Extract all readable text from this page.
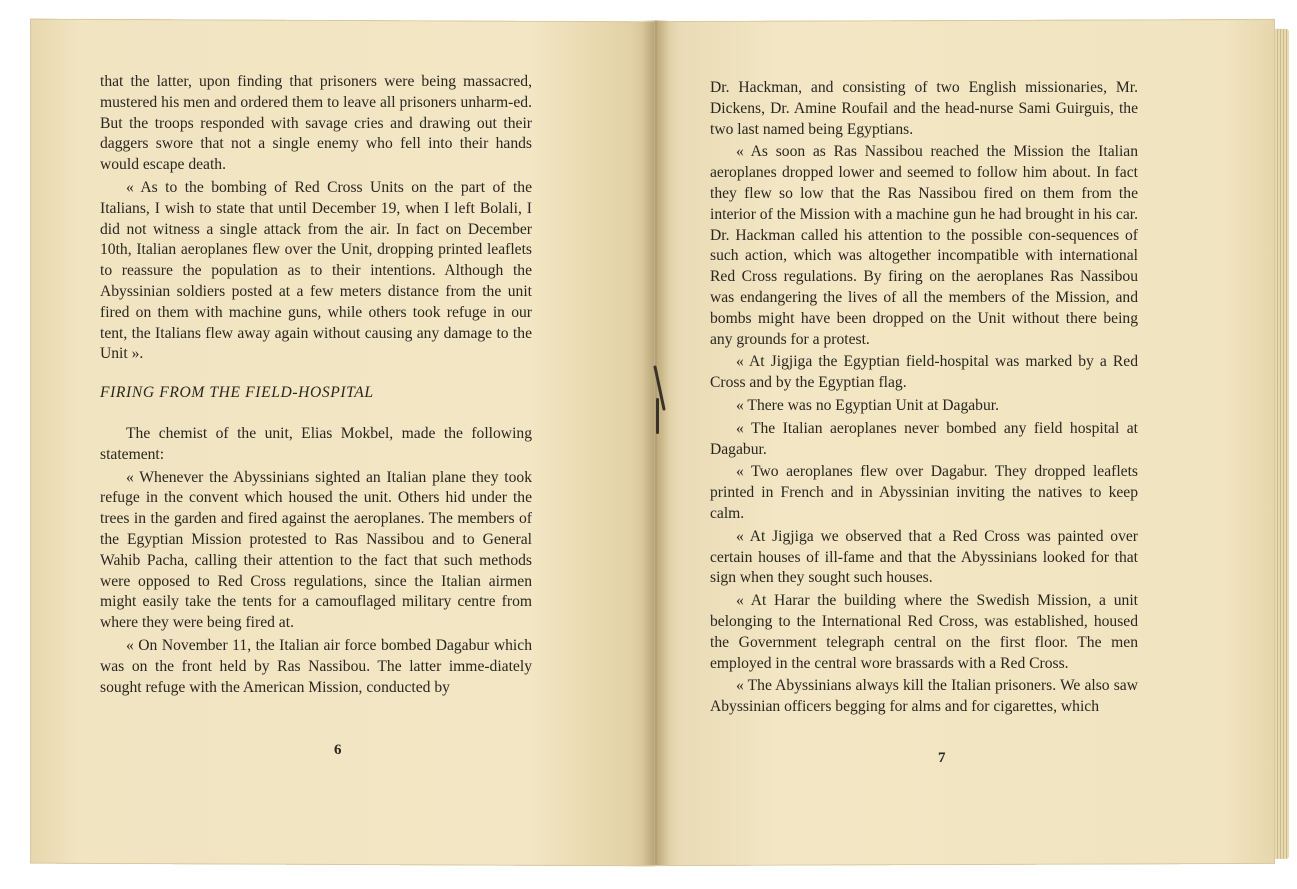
that the latter, upon finding that prisoners were being massacred, mustered his men and ordered them to leave all prisoners unharm-ed. But the troops responded with savage cries and drawing out their daggers swore that not a single enemy who fell into their hands would escape death.

« As to the bombing of Red Cross Units on the part of the Italians, I wish to state that until December 19, when I left Bolali, I did not witness a single attack from the air. In fact on December 10th, Italian aeroplanes flew over the Unit, dropping printed leaflets to reassure the population as to their intentions. Although the Abyssinian soldiers posted at a few meters distance from the unit fired on them with machine guns, while others took refuge in our tent, the Italians flew away again without causing any damage to the Unit ».

FIRING FROM THE FIELD-HOSPITAL

The chemist of the unit, Elias Mokbel, made the following statement:

« Whenever the Abyssinians sighted an Italian plane they took refuge in the convent which housed the unit. Others hid under the trees in the garden and fired against the aeroplanes. The members of the Egyptian Mission protested to Ras Nassibou and to General Wahib Pacha, calling their attention to the fact that such methods were opposed to Red Cross regulations, since the Italian airmen might easily take the tents for a camouflaged military centre from where they were being fired at.

« On November 11, the Italian air force bombed Dagabur which was on the front held by Ras Nassibou. The latter imme-diately sought refuge with the American Mission, conducted by

6

Dr. Hackman, and consisting of two English missionaries, Mr. Dickens, Dr. Amine Roufail and the head-nurse Sami Guirguis, the two last named being Egyptians.

« As soon as Ras Nassibou reached the Mission the Italian aeroplanes dropped lower and seemed to follow him about. In fact they flew so low that the Ras Nassibou fired on them from the interior of the Mission with a machine gun he had brought in his car. Dr. Hackman called his attention to the possible con-sequences of such action, which was altogether incompatible with international Red Cross regulations. By firing on the aeroplanes Ras Nassibou was endangering the lives of all the members of the Mission, and bombs might have been dropped on the Unit without there being any grounds for a protest.

« At Jigjiga the Egyptian field-hospital was marked by a Red Cross and by the Egyptian flag.

« There was no Egyptian Unit at Dagabur.

« The Italian aeroplanes never bombed any field hospital at Dagabur.

« Two aeroplanes flew over Dagabur. They dropped leaflets printed in French and in Abyssinian inviting the natives to keep calm.

« At Jigjiga we observed that a Red Cross was painted over certain houses of ill-fame and that the Abyssinians looked for that sign when they sought such houses.

« At Harar the building where the Swedish Mission, a unit belonging to the International Red Cross, was established, housed the Government telegraph central on the first floor. The men employed in the central wore brassards with a Red Cross.

« The Abyssinians always kill the Italian prisoners. We also saw Abyssinian officers begging for alms and for cigarettes, which

7
